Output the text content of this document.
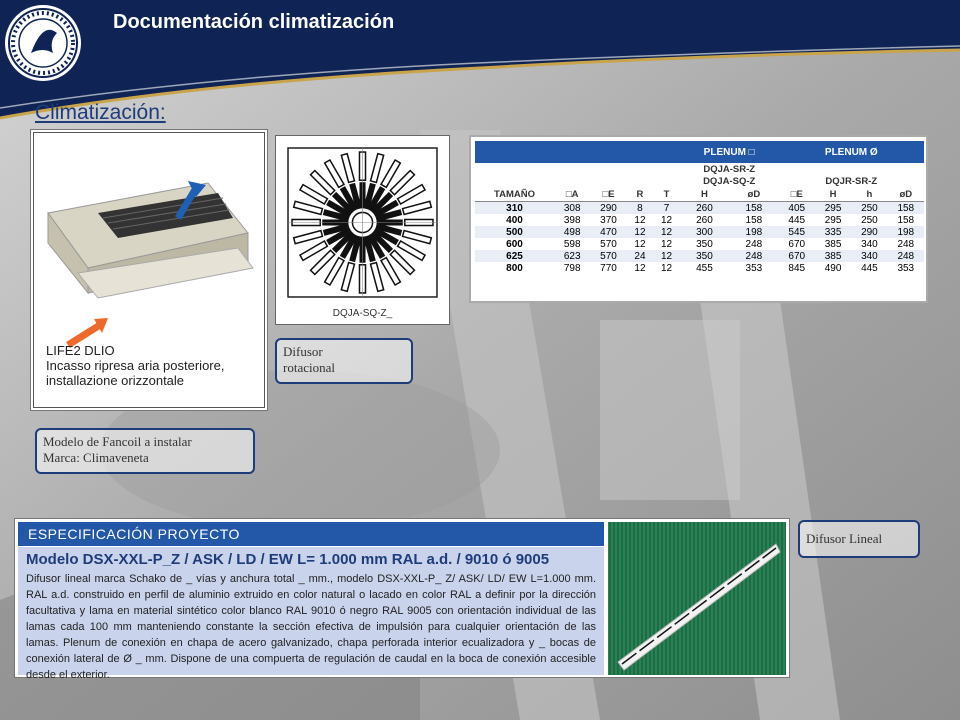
Documentación climatización
Climatización:
LIFE2 DLIO
Incasso ripresa aria posteriore,
installazione orizzontale
DQJA-SQ-Z_
					PLENUM □		PLENUM Ø			
					DQJA-SR-Z					
					DQJA-SQ-Z		DQJR-SR-Z			
TAMAÑO	□A	□E	R	T	H	øD	□E	H	h	øD
310	308	290	8	7	260	158	405	295	250	158
400	398	370	12	12	260	158	445	295	250	158
500	498	470	12	12	300	198	545	335	290	198
600	598	570	12	12	350	248	670	385	340	248
625	623	570	24	12	350	248	670	385	340	248
800	798	770	12	12	455	353	845	490	445	353
Difusor
rotacional
Modelo de Fancoil a instalar
Marca: Climaveneta
Difusor Lineal
ESPECIFICACIÓN PROYECTO
Modelo DSX-XXL-P_Z / ASK / LD / EW L= 1.000 mm RAL a.d. / 9010 ó 9005
Difusor lineal marca Schako de _ vías y anchura total _ mm., modelo DSX-XXL-P_ Z/ ASK/ LD/ EW L=1.000 mm. RAL a.d. construido en perfil de aluminio extruido en color natural o lacado en color RAL a definir por la dirección facultativa y lama en material sintético color blanco RAL 9010 ó negro RAL 9005 con orientación individual de las lamas cada 100 mm manteniendo constante la sección efectiva de impulsión para cualquier orientación de las lamas. Plenum de conexión en chapa de acero galvanizado, chapa perforada interior ecualizadora y _ bocas de conexión lateral de Ø _ mm. Dispone de una compuerta de regulación de caudal en la boca de conexión accesible desde el exterior.
